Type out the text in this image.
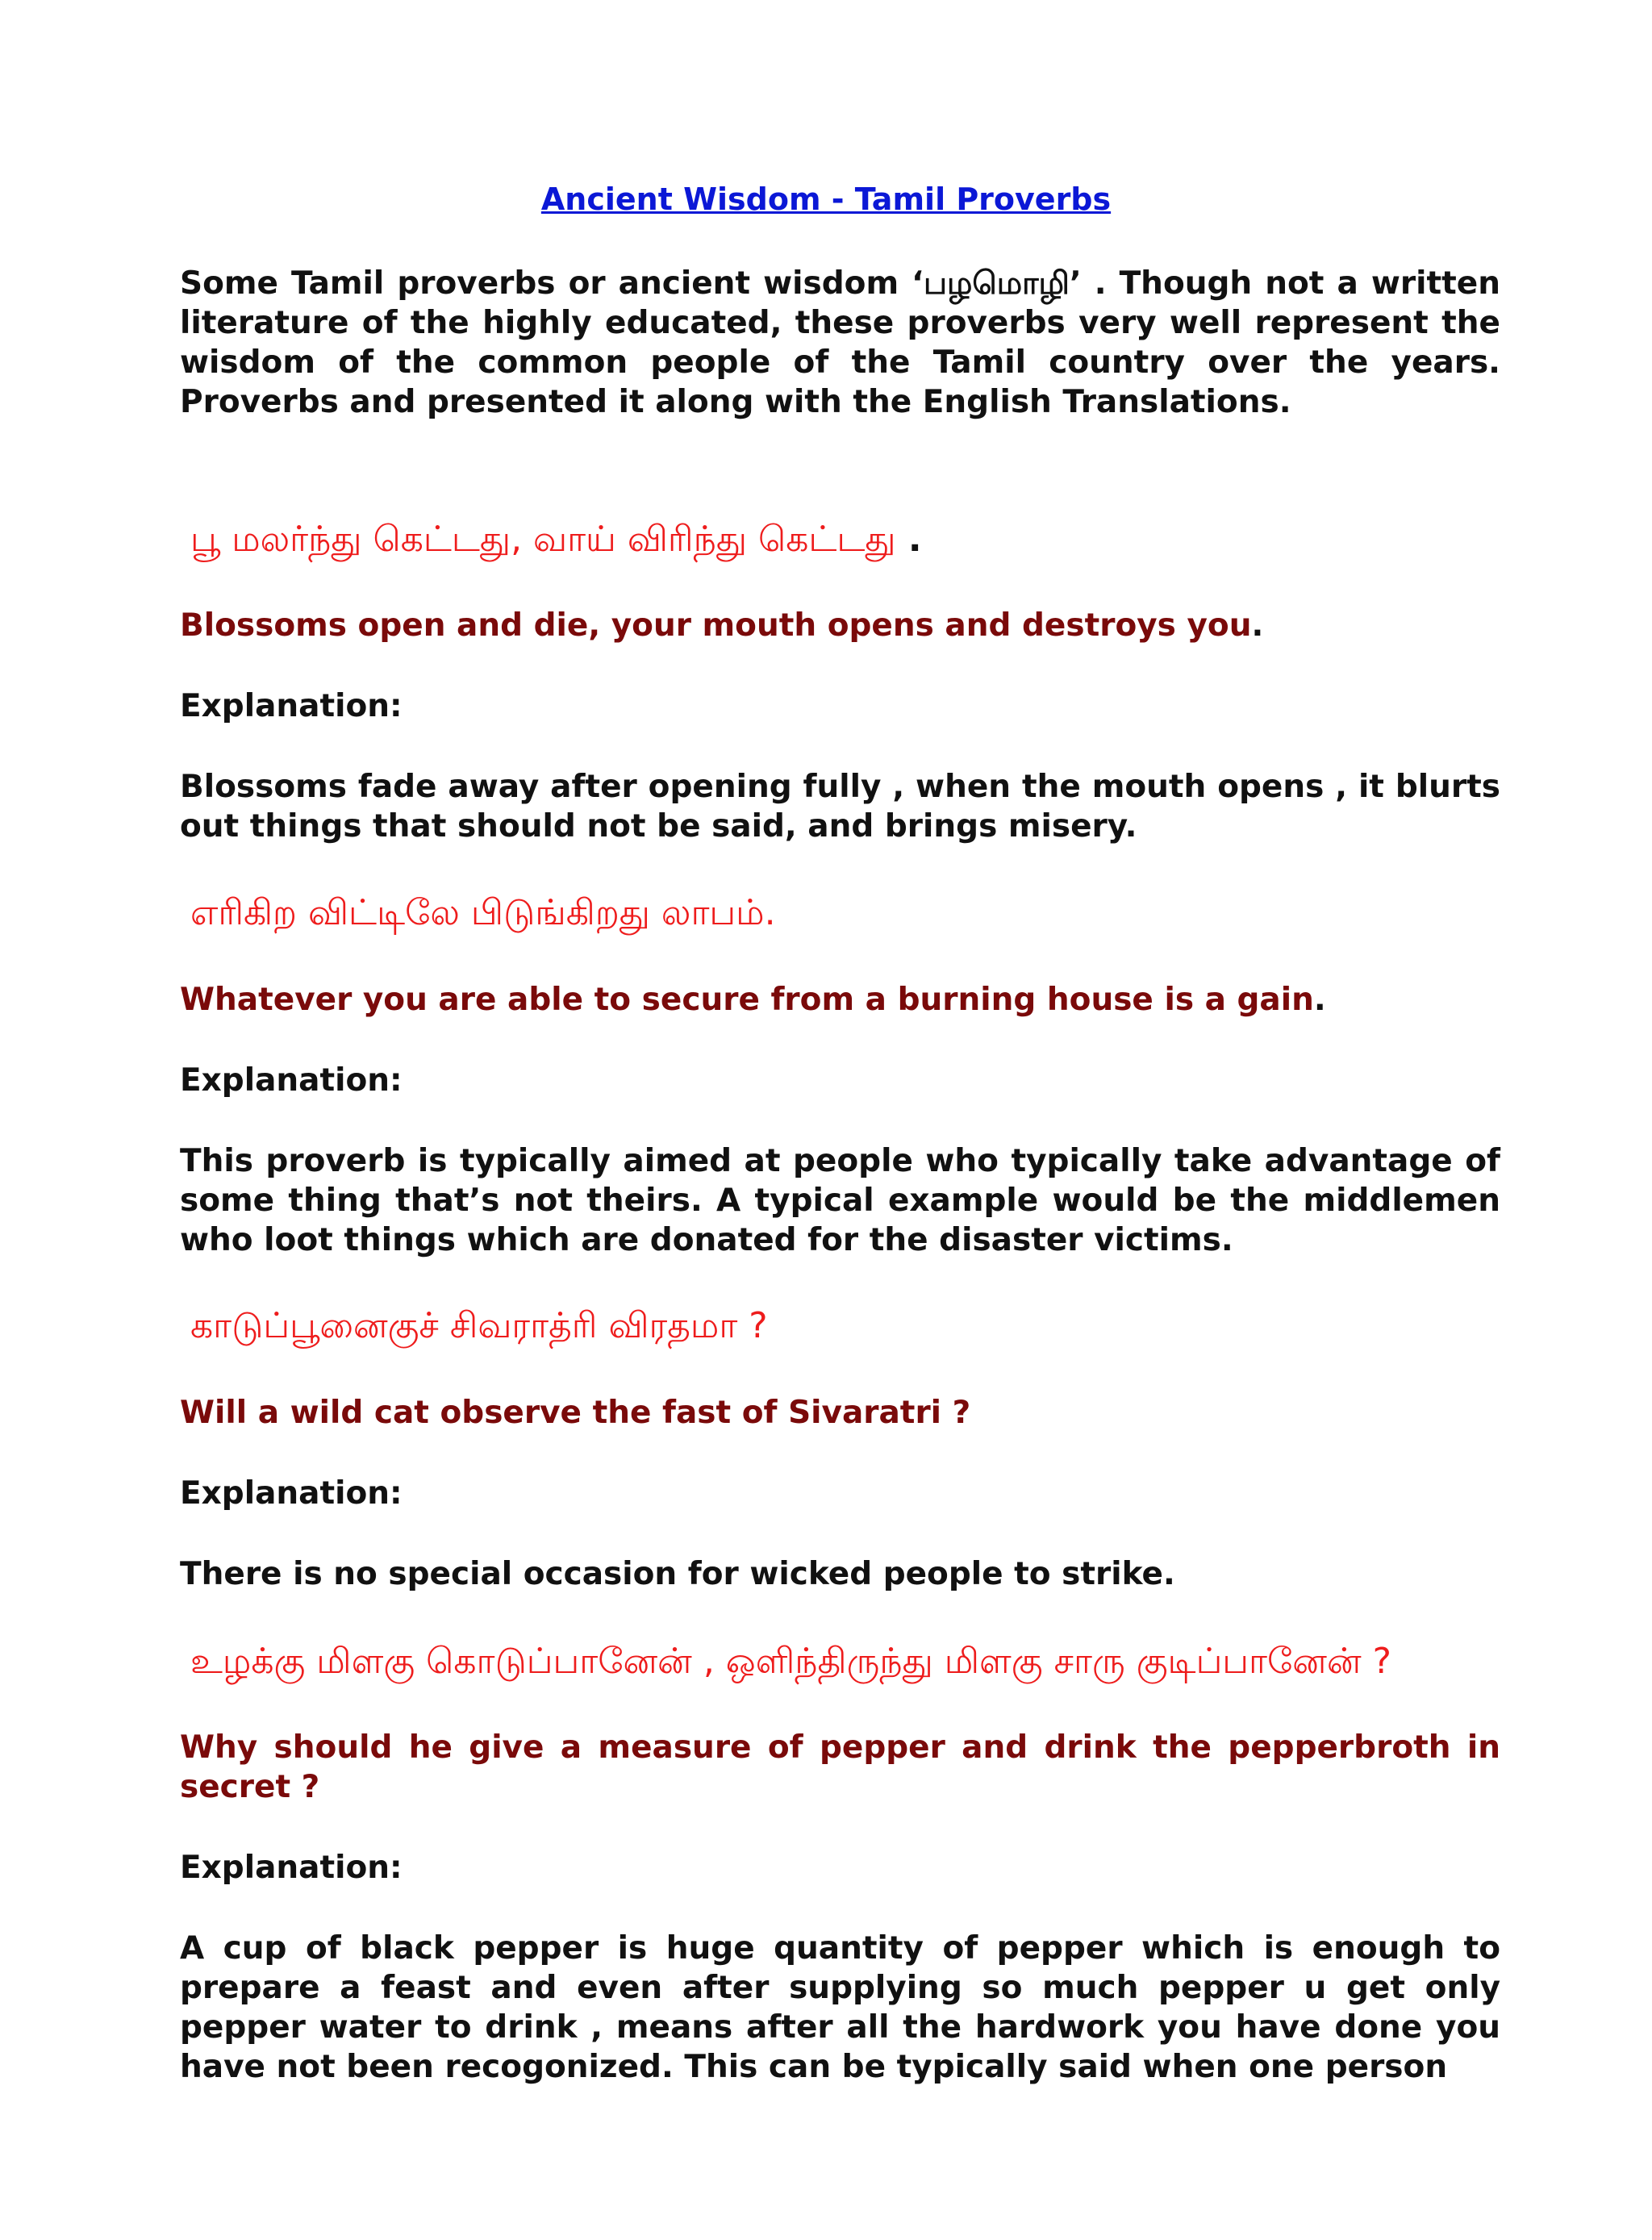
Ancient Wisdom - Tamil Proverbs

Some Tamil proverbs or ancient wisdom ‘பழமொழி’ . Though not a written literature of the highly educated, these proverbs very well represent the wisdom of the common people of the Tamil country over the years. Proverbs and presented it along with the English Translations.

பூ மலர்ந்து கெட்டது, வாய் விரிந்து கெட்டது .

Blossoms open and die, your mouth opens and destroys you.

Explanation:

Blossoms fade away after opening fully , when the mouth opens , it blurts out things that should not be said, and brings misery.

எரிகிற விட்டிலே பிடுங்கிறது லாபம்.

Whatever you are able to secure from a burning house is a gain.

Explanation:

This proverb is typically aimed at people who typically take advantage of some thing that’s not theirs. A typical example would be the middlemen who loot things which are donated for the disaster victims.

காடுப்பூனைகுச் சிவராத்ரி விரதமா ?

Will a wild cat observe the fast of Sivaratri ?

Explanation:

There is no special occasion for wicked people to strike.

உழக்கு மிளகு கொடுப்பானேன் , ஒளிந்திருந்து மிளகு சாரு குடிப்பானேன் ?

Why should he give a measure of pepper and drink the pepperbroth in secret ?

Explanation:

A cup of black pepper is huge quantity of pepper which is enough to prepare a feast and even after supplying so much pepper u get only pepper water to drink , means after all the hardwork you have done you have not been recogonized. This can be typically said when one person
